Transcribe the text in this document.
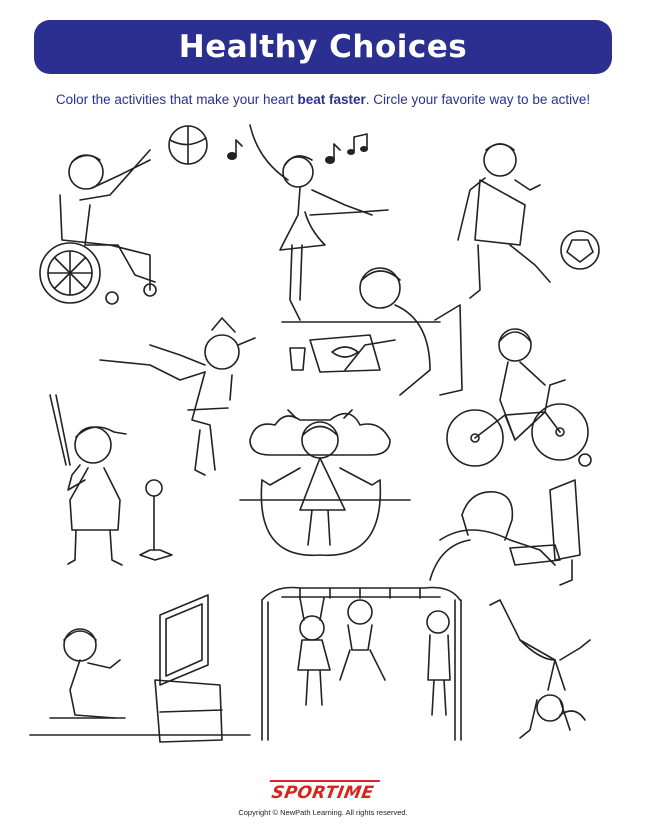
Healthy Choices
Color the activities that make your heart beat faster. Circle your favorite way to be active!
SPORTIME
Copyright © NewPath Learning. All rights reserved.
